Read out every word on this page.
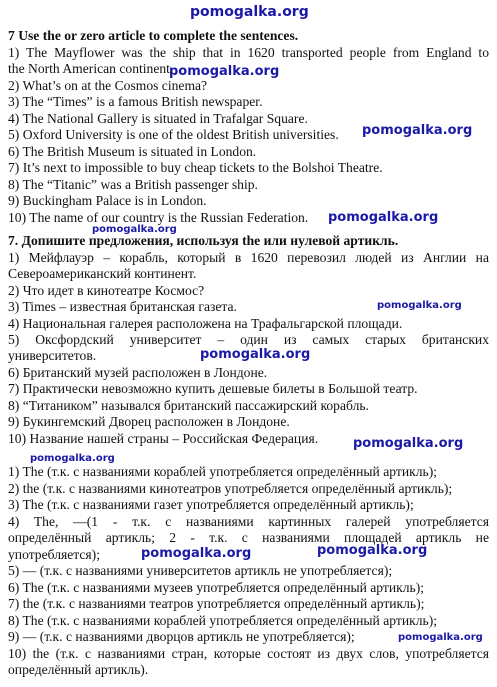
pomogalka.org
pomogalka.org
pomogalka.org
pomogalka.org
pomogalka.org
pomogalka.org
pomogalka.org
pomogalka.org
pomogalka.org
pomogalka.org	pomogalka.org
pomogalka.org
7 Use the or zero article to complete the sentences.
1) The Mayflower was the ship that in 1620 transported people from England to
the North American continent.
2) What’s on at the Cosmos cinema?
3) The “Times” is a famous British newspaper.
4) The National Gallery is situated in Trafalgar Square.
5) Oxford University is one of the oldest British universities.
6) The British Museum is situated in London.
7) It’s next to impossible to buy cheap tickets to the Bolshoi Theatre.
8) The “Titanic” was a British passenger ship.
9) Buckingham Palace is in London.
10) The name of our country is the Russian Federation.
7. Допишите предложения, используя the или нулевой артикль.
1) Мейфлауэр – корабль, который в 1620 перевозил людей из Англии на
Североамериканский континент.
2) Что идет в кинотеатре Космос?
3) Times – известная британская газета.
4) Национальная галерея расположена на Трафальгарской площади.
5) Оксфордский университет – один из самых старых британских
университетов.
6) Британский музей расположен в Лондоне.
7) Практически невозможно купить дешевые билеты в Большой театр.
8) “Титаником” назывался британский пассажирский корабль.
9) Букингемский Дворец расположен в Лондоне.
10) Название нашей страны – Российская Федерация.
1) The (т.к. с названиями кораблей употребляется определённый артикль);
2) the (т.к. с названиями кинотеатров употребляется определённый артикль);
3) The (т.к. с названиями газет употребляется определённый артикль);
4) The, —(1 - т.к. с названиями картинных галерей употребляется
определённый артикль; 2 - т.к. с названиями площадей артикль не
употребляется);
5) — (т.к. с названиями университетов артикль не употребляется);
6) The (т.к. с названиями музеев употребляется определённый артикль);
7) the (т.к. с названиями театров употребляется определённый артикль);
8) The (т.к. с названиями кораблей употребляется определённый артикль);
9) — (т.к. с названиями дворцов артикль не употребляется);
10) the (т.к. с названиями стран, которые состоят из двух слов, употребляется
определённый артикль).
